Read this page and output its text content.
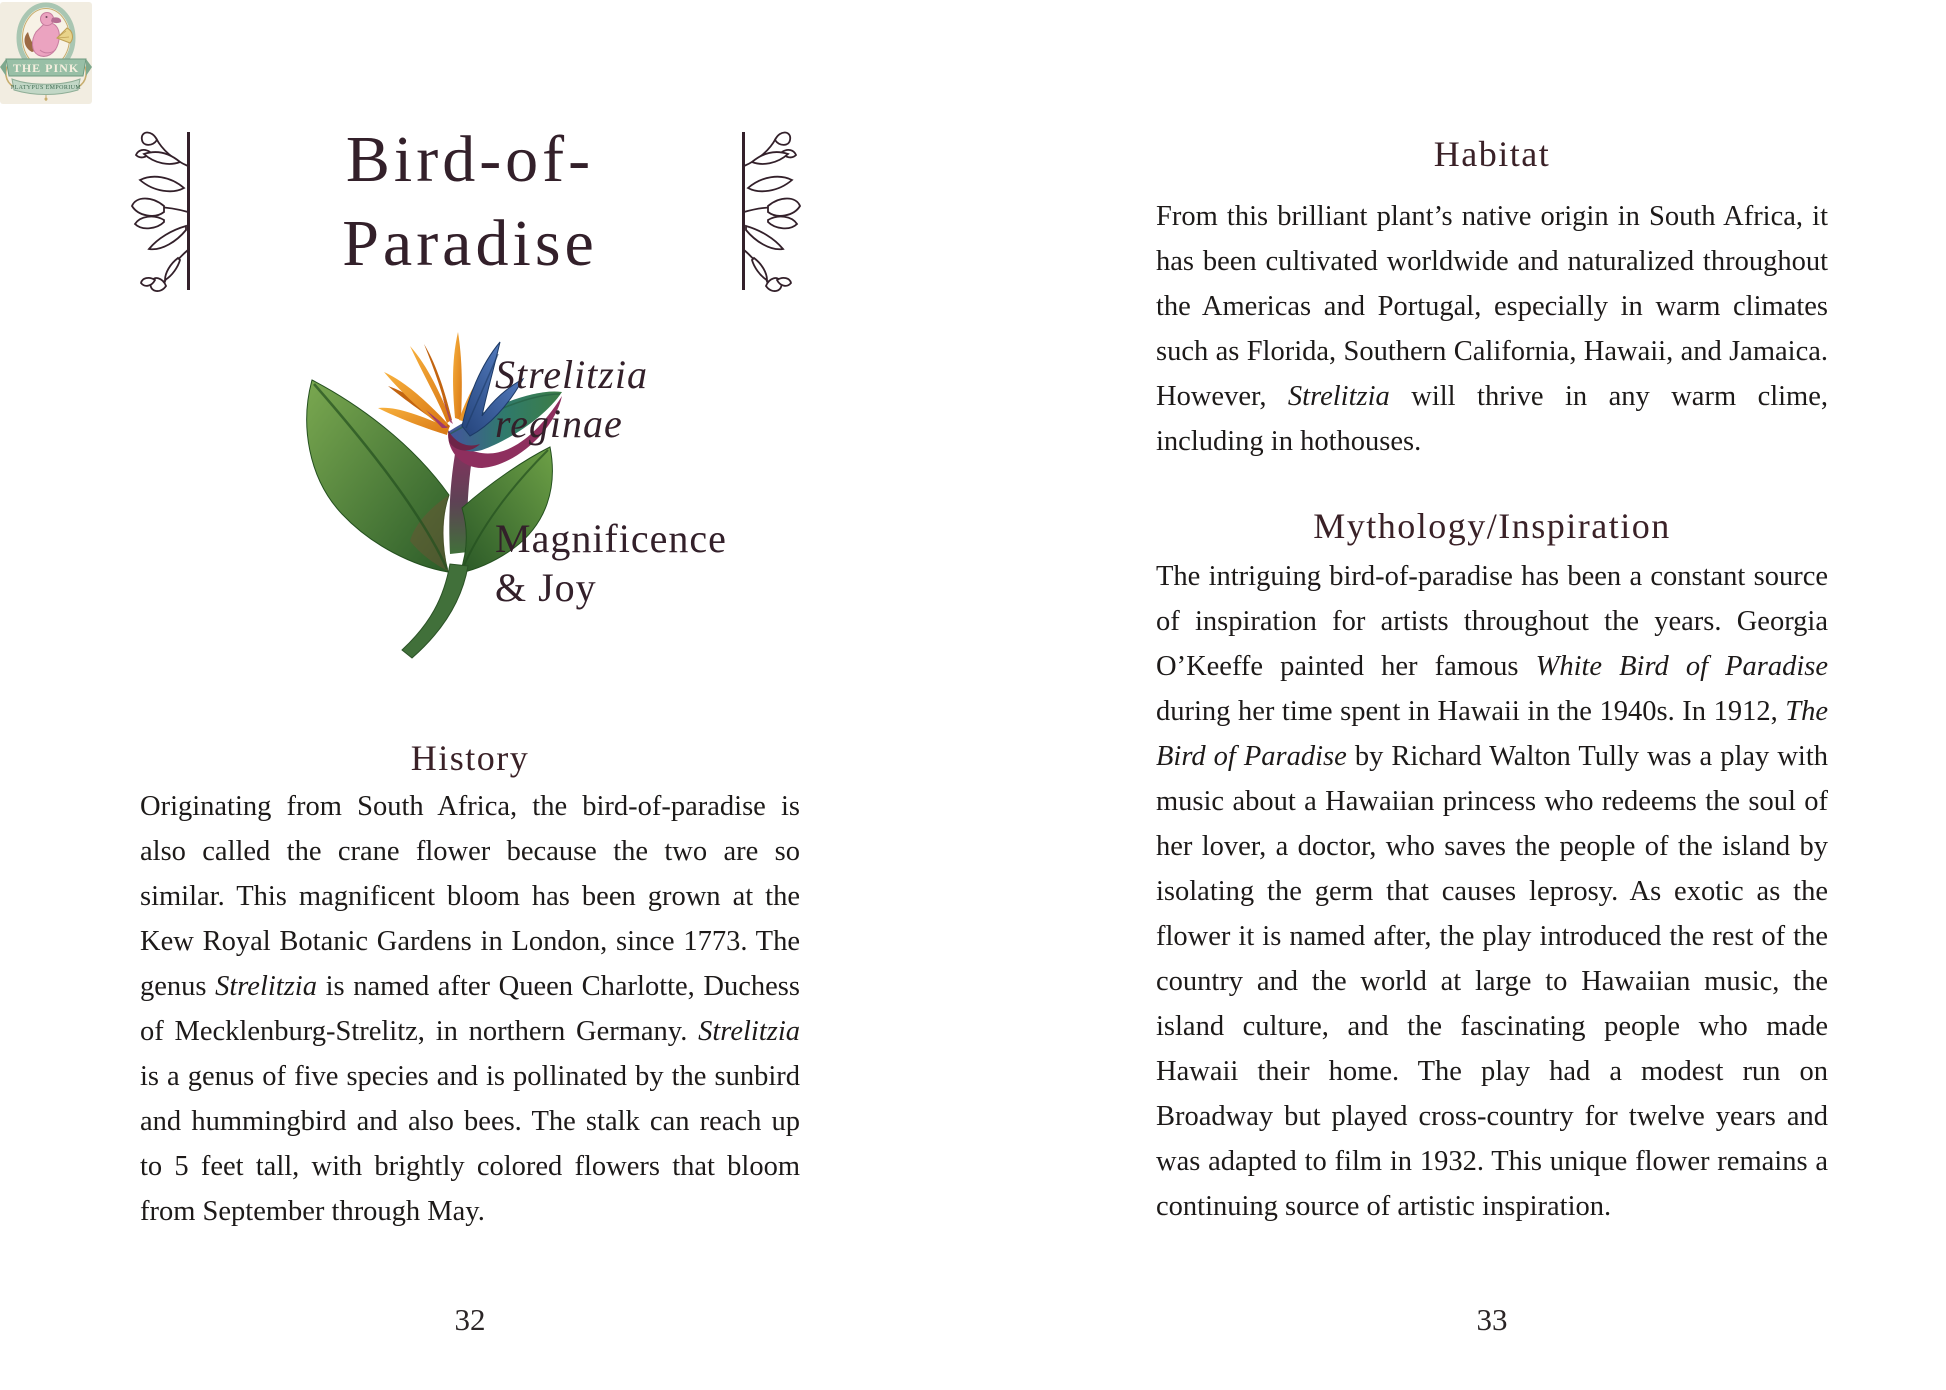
THE PINK
PLATYPUS EMPORIUM
Bird-of-
Paradise
Strelitzia
reginae
Magnificence
& Joy
History

Originating from South Africa, the bird-of-paradise is also called the crane flower because the two are so similar. This magnificent bloom has been grown at the Kew Royal Botanic Gardens in London, since 1773. The genus Strelitzia is named after Queen Charlotte, Duchess of Mecklenburg-Strelitz, in northern Germany. Strelitzia is a genus of five species and is pollinated by the sunbird and hummingbird and also bees. The stalk can reach up to 5 feet tall, with brightly colored flowers that bloom from September through May.

32
Habitat

From this brilliant plant’s native origin in South Africa, it has been cultivated worldwide and naturalized throughout the Americas and Portugal, especially in warm climates such as Florida, Southern California, Hawaii, and Jamaica. However, Strelitzia will thrive in any warm clime, including in hothouses.

Mythology/Inspiration

The intriguing bird-of-paradise has been a constant source of inspiration for artists throughout the years. Georgia O’Keeffe painted her famous White Bird of Paradise during her time spent in Hawaii in the 1940s. In 1912, The Bird of Paradise by Richard Walton Tully was a play with music about a Hawaiian princess who redeems the soul of her lover, a doctor, who saves the people of the island by isolating the germ that causes leprosy. As exotic as the flower it is named after, the play introduced the rest of the country and the world at large to Hawaiian music, the island culture, and the fascinating people who made Hawaii their home. The play had a modest run on Broadway but played cross-country for twelve years and was adapted to film in 1932. This unique flower remains a continuing source of artistic inspiration.

33
